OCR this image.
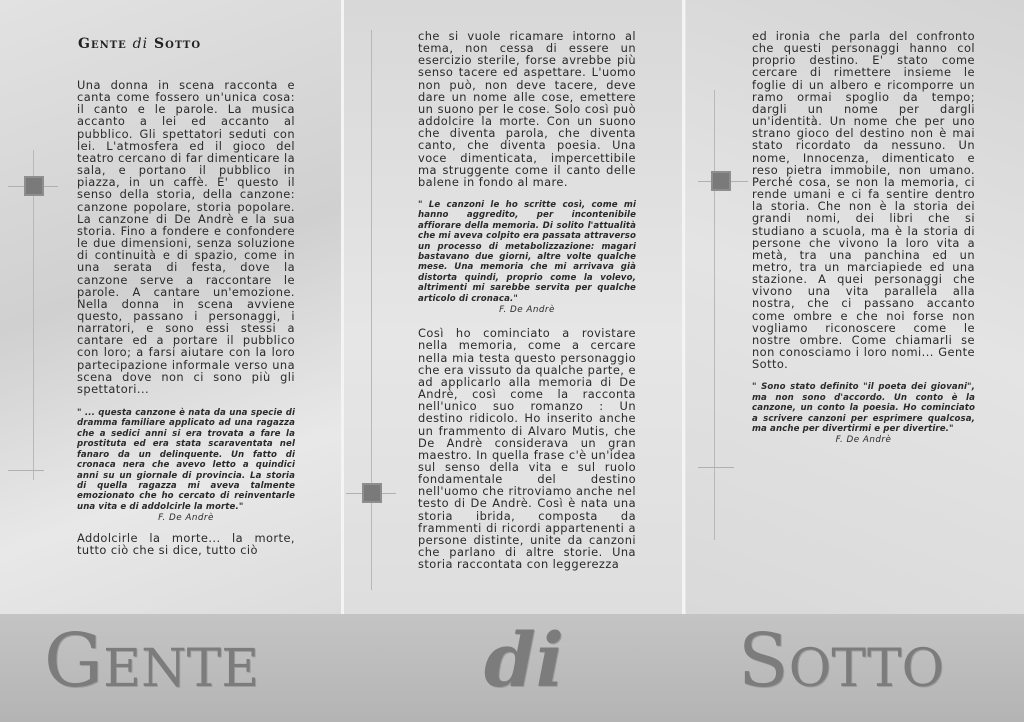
Gente di Sotto

Una donna in scena racconta e canta come fossero un'unica cosa: il canto e le parole. La musica accanto a lei ed accanto al pubblico. Gli spettatori seduti con lei. L'atmosfera ed il gioco del teatro cercano di far dimenticare la sala, e portano il pubblico in piazza, in un caffè. E' questo il senso della storia, della canzone: canzone popolare, storia popolare. La canzone di De Andrè e la sua storia. Fino a fondere e confondere le due dimensioni, senza soluzione di continuità e di spazio, come in una serata di festa, dove la canzone serve a raccontare le parole. A cantare un'emozione. Nella donna in scena avviene questo, passano i personaggi, i narratori, e sono essi stessi a cantare ed a portare il pubblico con loro; a farsi aiutare con la loro partecipazione informale verso una scena dove non ci sono più gli spettatori...

" ... questa canzone è nata da una specie di dramma familiare applicato ad una ragazza che a sedici anni si era trovata a fare la prostituta ed era stata scaraventata nel fanaro da un delinquente. Un fatto di cronaca nera che avevo letto a quindici anni su un giornale di provincia. La storia di quella ragazza mi aveva talmente emozionato che ho cercato di reinventarle una vita e di addolcirle la morte."

F. De Andrè

Addolcirle la morte... la morte, tutto ciò che si dice, tutto ciò

che si vuole ricamare intorno al tema, non cessa di essere un esercizio sterile, forse avrebbe più senso tacere ed aspettare. L'uomo non può, non deve tacere, deve dare un nome alle cose, emettere un suono per le cose. Solo così può addolcire la morte. Con un suono che diventa parola, che diventa canto, che diventa poesia. Una voce dimenticata, impercettibile ma struggente come il canto delle balene in fondo al mare.

" Le canzoni le ho scritte così, come mi hanno aggredito, per incontenibile affiorare della memoria. Di solito l'attualità che mi aveva colpito era passata attraverso un processo di metabolizzazione: magari bastavano due giorni, altre volte qualche mese. Una memoria che mi arrivava già distorta quindi, proprio come la volevo, altrimenti mi sarebbe servita per qualche articolo di cronaca."

F. De Andrè

Così ho cominciato a rovistare nella memoria, come a cercare nella mia testa questo personaggio che era vissuto da qualche parte, e ad applicarlo alla memoria di De Andrè, così come la racconta nell'unico suo romanzo : Un destino ridicolo. Ho inserito anche un frammento di Alvaro Mutis, che De Andrè considerava un gran maestro. In quella frase c'è un'idea sul senso della vita e sul ruolo fondamentale del destino nell'uomo che ritroviamo anche nel testo di De Andrè. Così è nata una storia ibrida, composta da frammenti di ricordi appartenenti a persone distinte, unite da canzoni che parlano di altre storie. Una storia raccontata con leggerezza

ed ironia che parla del confronto che questi personaggi hanno col proprio destino. E' stato come cercare di rimettere insieme le foglie di un albero e ricomporre un ramo ormai spoglio da tempo; dargli un nome per dargli un'identità. Un nome che per uno strano gioco del destino non è mai stato ricordato da nessuno. Un nome, Innocenza, dimenticato e reso pietra immobile, non umano. Perché cosa, se non la memoria, ci rende umani e ci fa sentire dentro la storia. Che non è la storia dei grandi nomi, dei libri che si studiano a scuola, ma è la storia di persone che vivono la loro vita a metà, tra una panchina ed un metro, tra un marciapiede ed una stazione. A quei personaggi che vivono una vita parallela alla nostra, che ci passano accanto come ombre e che noi forse non vogliamo riconoscere come le nostre ombre. Come chiamarli se non conosciamo i loro nomi... Gente Sotto.

" Sono stato definito "il poeta dei giovani", ma non sono d'accordo. Un conto è la canzone, un conto la poesia. Ho cominciato a scrivere canzoni per esprimere qualcosa, ma anche per divertirmi e per divertire."

F. De Andrè

GENTE	di SOTTO
